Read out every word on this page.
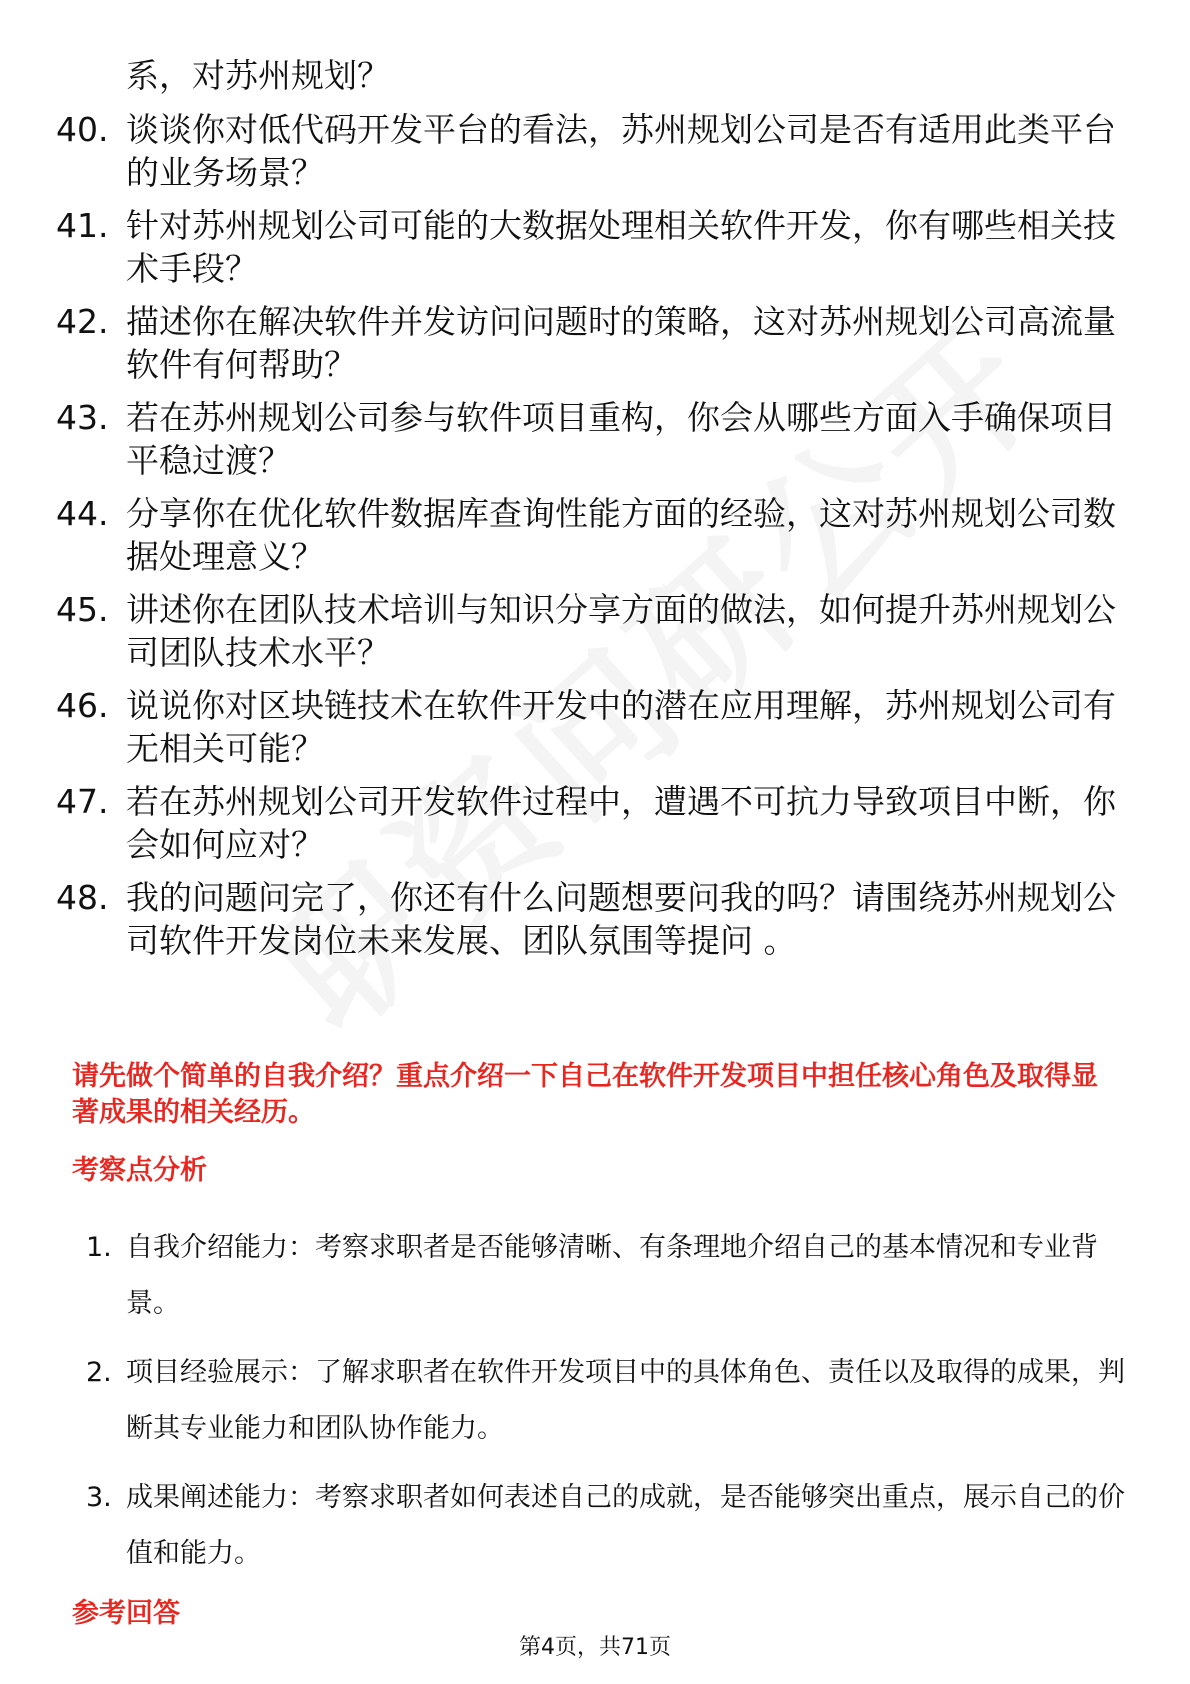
系，对苏州规划？
40. 谈谈你对低代码开发平台的看法，苏州规划公司是否有适用此类平台的业务场景？
41. 针对苏州规划公司可能的大数据处理相关软件开发，你有哪些相关技术手段？
42. 描述你在解决软件并发访问问题时的策略，这对苏州规划公司高流量软件有何帮助？
43. 若在苏州规划公司参与软件项目重构，你会从哪些方面入手确保项目平稳过渡？
44. 分享你在优化软件数据库查询性能方面的经验，这对苏州规划公司数据处理意义？
45. 讲述你在团队技术培训与知识分享方面的做法，如何提升苏州规划公司团队技术水平？
46. 说说你对区块链技术在软件开发中的潜在应用理解，苏州规划公司有无相关可能？
47. 若在苏州规划公司开发软件过程中，遭遇不可抗力导致项目中断，你会如何应对？
48. 我的问题问完了，你还有什么问题想要问我的吗？请围绕苏州规划公司软件开发岗位未来发展、团队氛围等提问 。
请先做个简单的自我介绍？重点介绍一下自己在软件开发项目中担任核心角色及取得显著成果的相关经历。
考察点分析
1. 自我介绍能力：考察求职者是否能够清晰、有条理地介绍自己的基本情况和专业背景。
2. 项目经验展示：了解求职者在软件开发项目中的具体角色、责任以及取得的成果，判断其专业能力和团队协作能力。
3. 成果阐述能力：考察求职者如何表述自己的成就，是否能够突出重点，展示自己的价值和能力。
参考回答
第4页，共71页
